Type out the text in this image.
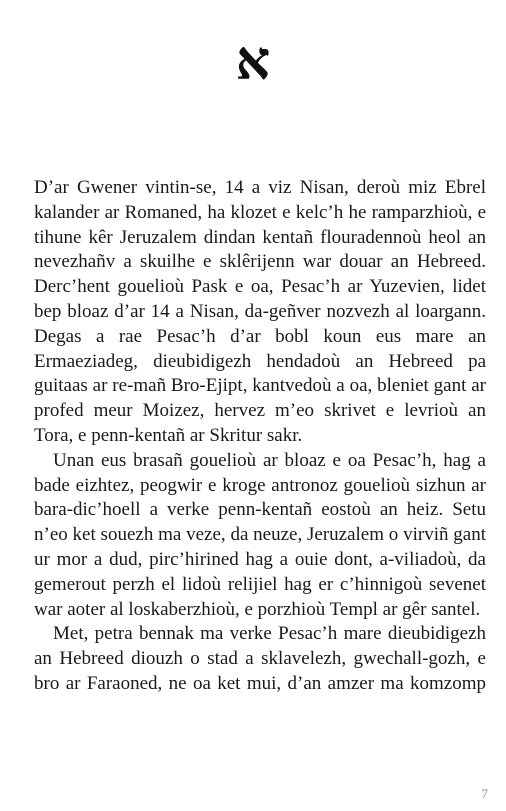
א

D’ar Gwener vintin-se, 14 a viz Nisan, deroù miz Ebrel kalander ar Romaned, ha klozet e kelc’h he ramparzhioù, e tihune kêr Jeruzalem dindan kentañ flouradennoù heol an nevezhañv a skuilhe e sklêrijenn war douar an Hebreed. Derc’hent gouelioù Pask e oa, Pesac’h ar Yuzevien, lidet bep bloaz d’ar 14 a Nisan, da-geñver nozvezh al loargann. Degas a rae Pesac’h d’ar bobl koun eus mare an Ermaeziadeg, dieubidigezh hendadoù an Hebreed pa guitaas ar re-mañ Bro-Ejipt, kantvedoù a oa, bleniet gant ar profed meur Moizez, hervez m’eo skrivet e levrioù an Tora, e penn-kentañ ar Skritur sakr.

Unan eus brasañ gouelioù ar bloaz e oa Pesac’h, hag a bade eizhtez, peogwir e kroge antronoz gouelioù sizhun ar bara-dic’hoell a verke penn-kentañ eostoù an heiz. Setu n’eo ket souezh ma veze, da neuze, Jeruzalem o virviñ gant ur mor a dud, pirc’hirined hag a ouie dont, a-viliadoù, da gemerout perzh el lidoù relijiel hag er c’hinnigoù sevenet war aoter al loskaberzhioù, e porzhioù Templ ar gêr santel.

Met, petra bennak ma verke Pesac’h mare dieubidigezh an Hebreed diouzh o stad a sklavelezh, gwechall-gozh, e bro ar Faraoned, ne oa ket mui, d’an amzer ma komzomp

7
